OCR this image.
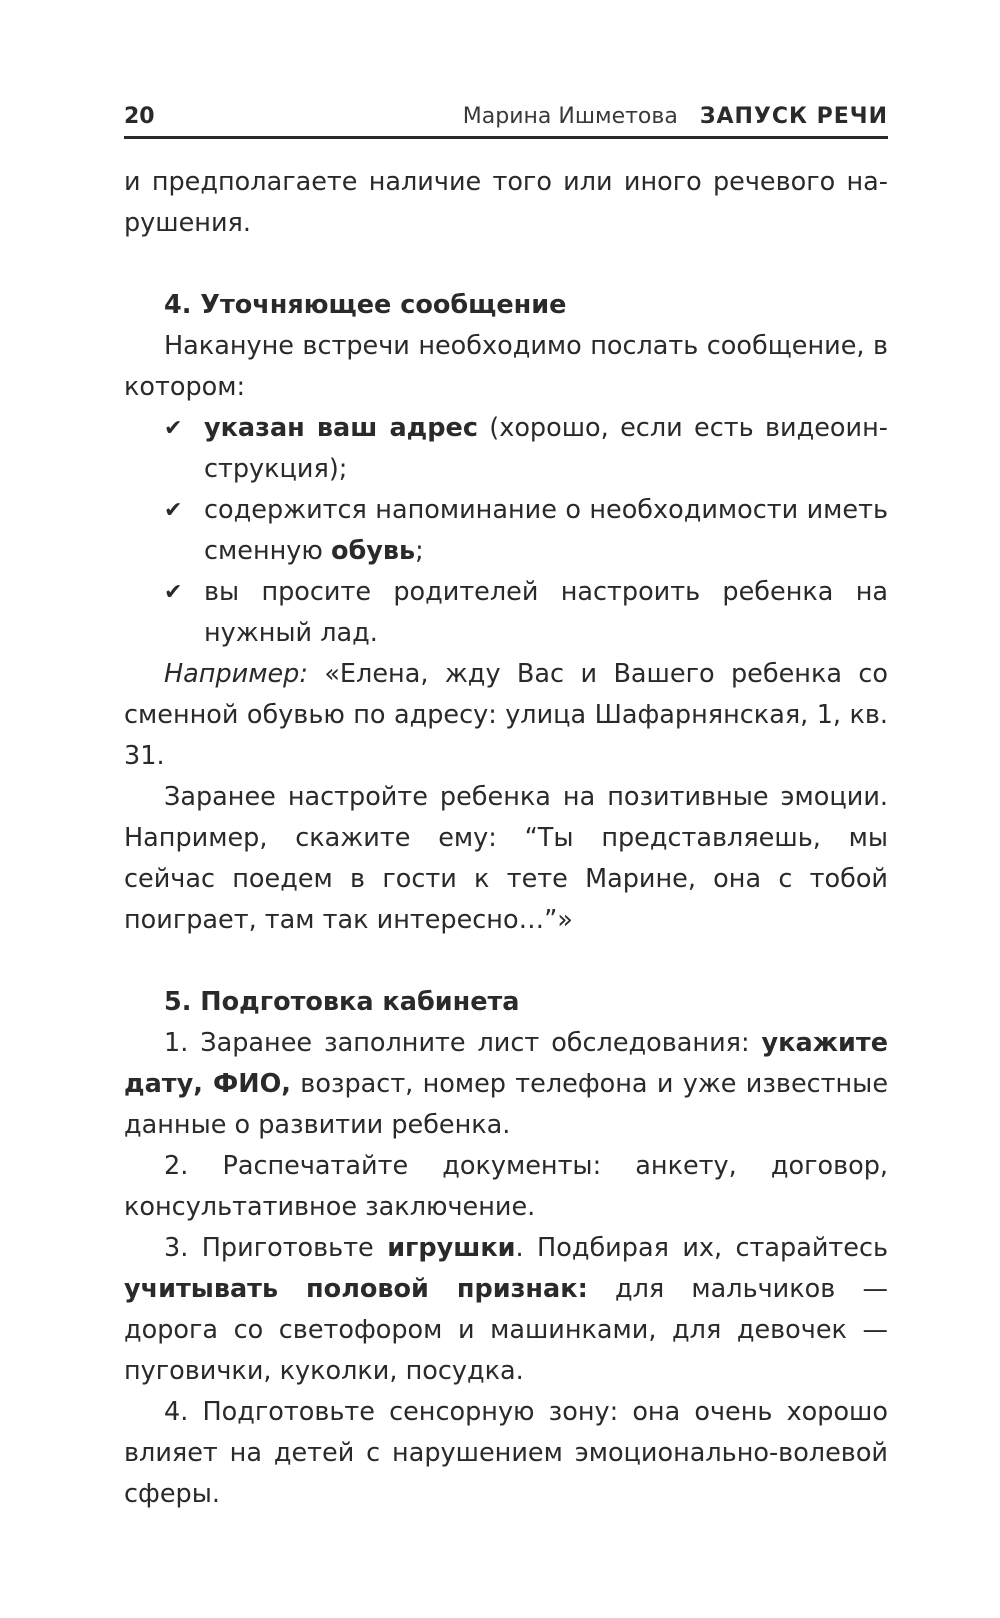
20	Марина Ишметова ЗАПУСК РЕЧИ

и предполагаете наличие того или иного речевого нарушения.

4. Уточняющее сообщение

Накануне встречи необходимо послать сообщение, в котором:

✔ указан ваш адрес (хорошо, если есть видеоинструкция);
✔ содержится напоминание о необходимости иметь сменную обувь;
✔ вы просите родителей настроить ребенка на нужный лад.

Например: «Елена, жду Вас и Вашего ребенка со сменной обувью по адресу: улица Шафарнянская, 1, кв. 31.

Заранее настройте ребенка на позитивные эмоции. Например, скажите ему: “Ты представляешь, мы сейчас поедем в гости к тете Марине, она с тобой поиграет, там так интересно…”»

5. Подготовка кабинета

1. Заранее заполните лист обследования: укажите дату, ФИО, возраст, номер телефона и уже известные данные о развитии ребенка.

2. Распечатайте документы: анкету, договор, консультативное заключение.

3. Приготовьте игрушки. Подбирая их, старайтесь учитывать половой признак: для мальчиков — дорога со светофором и машинками, для девочек — пуговички, куколки, посудка.

4. Подготовьте сенсорную зону: она очень хорошо влияет на детей с нарушением эмоционально-волевой сферы.
